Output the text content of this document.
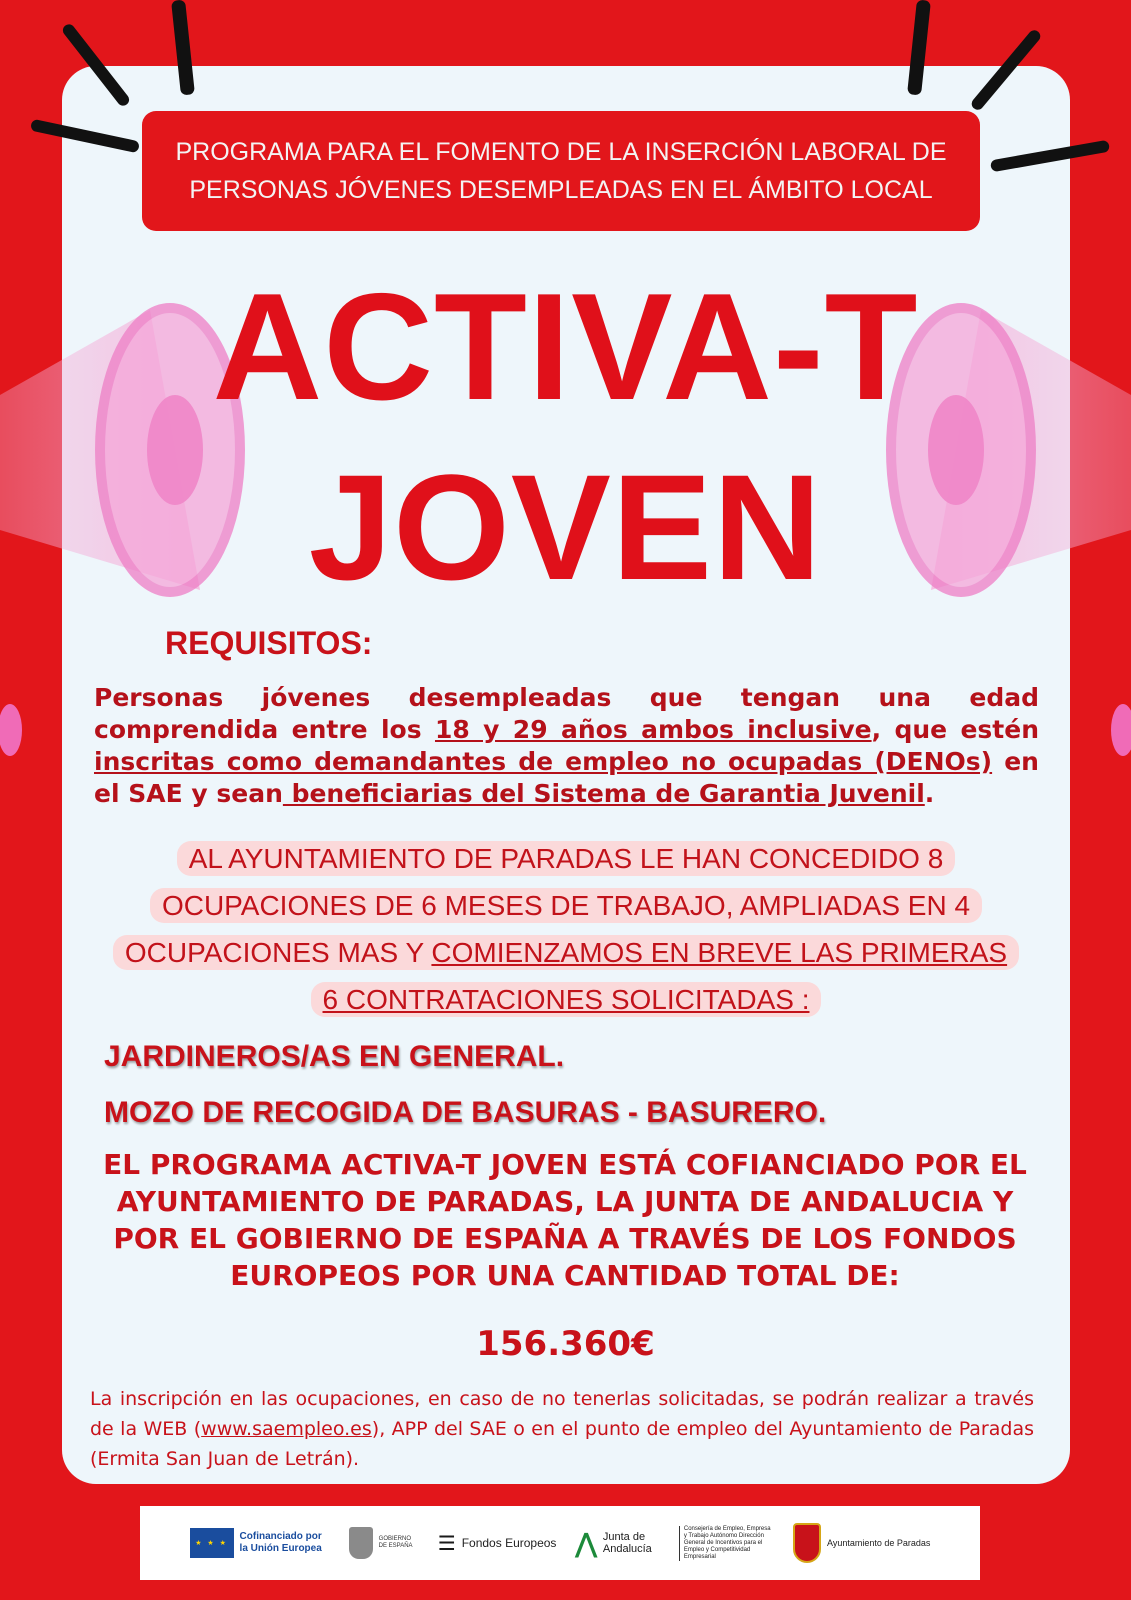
PROGRAMA PARA EL FOMENTO DE LA INSERCIÓN LABORAL DE
PERSONAS JÓVENES DESEMPLEADAS EN EL ÁMBITO LOCAL
ACTIVA-T
JOVEN
REQUISITOS:
Personas jóvenes desempleadas que tengan una edad comprendida entre los 18 y 29 años ambos inclusive, que estén inscritas como demandantes de empleo no ocupadas (DENOs) en el SAE y sean beneficiarias del Sistema de Garantia Juvenil.
AL AYUNTAMIENTO DE PARADAS LE HAN CONCEDIDO 8
OCUPACIONES DE 6 MESES DE TRABAJO, AMPLIADAS EN 4
OCUPACIONES MAS Y COMIENZAMOS EN BREVE LAS PRIMERAS
6 CONTRATACIONES SOLICITADAS :
JARDINEROS/AS EN GENERAL.
MOZO DE RECOGIDA DE BASURAS - BASURERO.
EL PROGRAMA ACTIVA-T JOVEN ESTÁ COFIANCIADO POR EL AYUNTAMIENTO DE PARADAS, LA JUNTA DE ANDALUCIA Y POR EL GOBIERNO DE ESPAÑA A TRAVÉS DE LOS FONDOS EUROPEOS POR UNA CANTIDAD TOTAL DE:
156.360€
La inscripción en las ocupaciones, en caso de no tenerlas solicitadas, se podrán realizar a través de la WEB (www.saempleo.es), APP del SAE o en el punto de empleo del Ayuntamiento de Paradas (Ermita San Juan de Letrán).
★ ★ ★
Cofinanciado por la Unión Europea
GOBIERNO DE ESPAÑA	☰ Fondos Europeos ⋀ Junta de Andalucía
Consejería de Empleo, Empresa y Trabajo Autónomo Dirección General de Incentivos para el Empleo y Competitividad Empresarial
Ayuntamiento de Paradas
